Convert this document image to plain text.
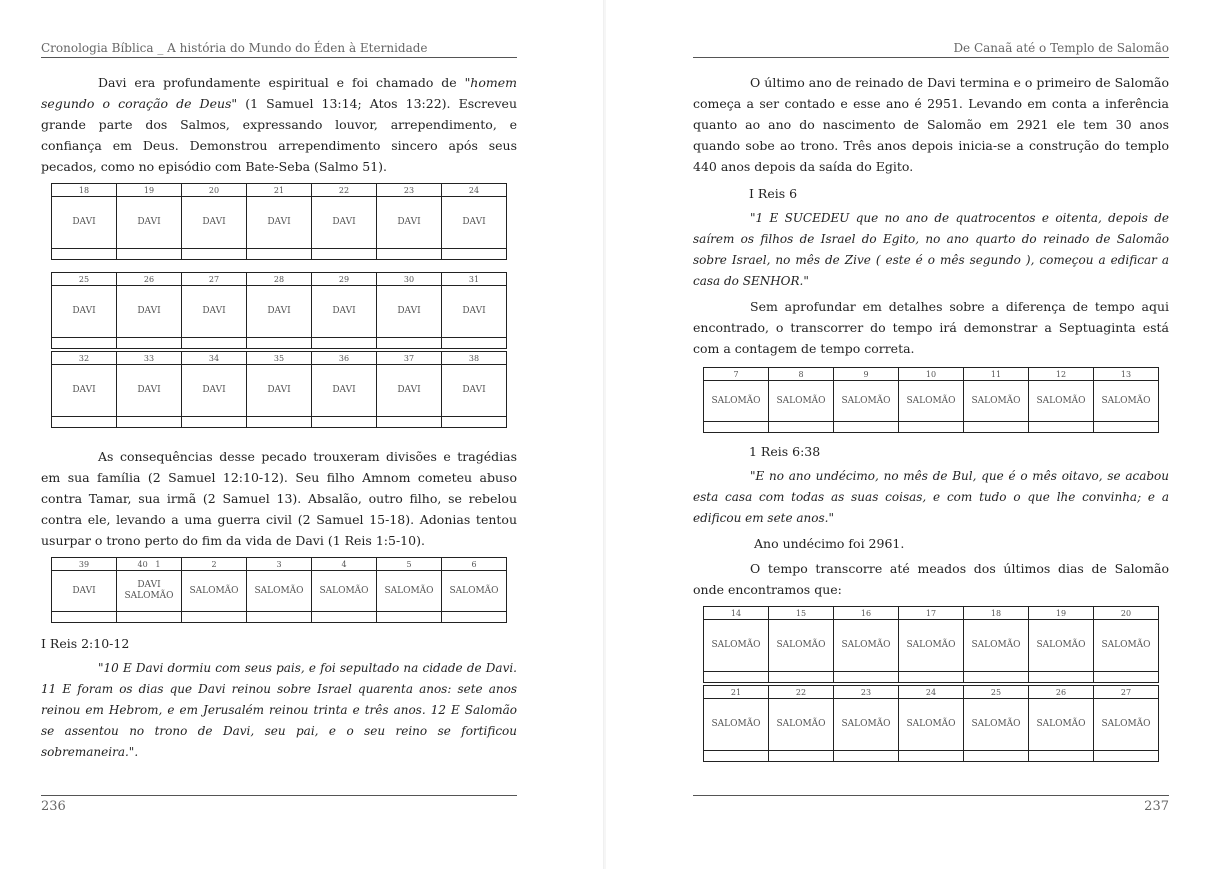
Cronologia Bíblica _ A história do Mundo do Éden à Eternidade

Davi era profundamente espiritual e foi chamado de "homem segundo o coração de Deus" (1 Samuel 13:14; Atos 13:22). Escreveu grande parte dos Salmos, expressando louvor, arrependimento, e confiança em Deus. Demonstrou arrependimento sincero após seus pecados, como no episódio com Bate-Seba (Salmo 51).

18	19	20	21	22	23	24
DAVI	DAVI	DAVI	DAVI	DAVI	DAVI	DAVI

25	26	27	28	29	30	31
DAVI	DAVI	DAVI	DAVI	DAVI	DAVI	DAVI

32	33	34	35	36	37	38
DAVI	DAVI	DAVI	DAVI	DAVI	DAVI	DAVI

As consequências desse pecado trouxeram divisões e tragédias em sua família (2 Samuel 12:10-12). Seu filho Amnom cometeu abuso contra Tamar, sua irmã (2 Samuel 13). Absalão, outro filho, se rebelou contra ele, levando a uma guerra civil (2 Samuel 15-18). Adonias tentou usurpar o trono perto do fim da vida de Davi (1 Reis 1:5-10).

39	40   1	2	3	4	5	6
DAVI	DAVI SALOMÃO	SALOMÃO	SALOMÃO	SALOMÃO	SALOMÃO	SALOMÃO

I Reis 2:10-12

"10 E Davi dormiu com seus pais, e foi sepultado na cidade de Davi. 11 E foram os dias que Davi reinou sobre Israel quarenta anos: sete anos reinou em Hebrom, e em Jerusalém reinou trinta e três anos. 12 E Salomão se assentou no trono de Davi, seu pai, e o seu reino se fortificou sobremaneira.".

236
De Canaã até o Templo de Salomão

O último ano de reinado de Davi termina e o primeiro de Salomão começa a ser contado e esse ano é 2951. Levando em conta a inferência quanto ao ano do nascimento de Salomão em 2921 ele tem 30 anos quando sobe ao trono. Três anos depois inicia-se a construção do templo 440 anos depois da saída do Egito.

I Reis 6

"1 E SUCEDEU que no ano de quatrocentos e oitenta, depois de saírem os filhos de Israel do Egito, no ano quarto do reinado de Salomão sobre Israel, no mês de Zive ( este é o mês segundo ), começou a edificar a casa do SENHOR."

Sem aprofundar em detalhes sobre a diferença de tempo aqui encontrado, o transcorrer do tempo irá demonstrar a Septuaginta está com a contagem de tempo correta.

7	8	9	10	11	12	13
SALOMÃO	SALOMÃO	SALOMÃO	SALOMÃO	SALOMÃO	SALOMÃO	SALOMÃO

1 Reis 6:38

"E no ano undécimo, no mês de Bul, que é o mês oitavo, se acabou esta casa com todas as suas coisas, e com tudo o que lhe convinha; e a edificou em sete anos."

Ano undécimo foi 2961.

O tempo transcorre até meados dos últimos dias de Salomão onde encontramos que:

14	15	16	17	18	19	20
SALOMÃO	SALOMÃO	SALOMÃO	SALOMÃO	SALOMÃO	SALOMÃO	SALOMÃO

21	22	23	24	25	26	27
SALOMÃO	SALOMÃO	SALOMÃO	SALOMÃO	SALOMÃO	SALOMÃO	SALOMÃO

237
